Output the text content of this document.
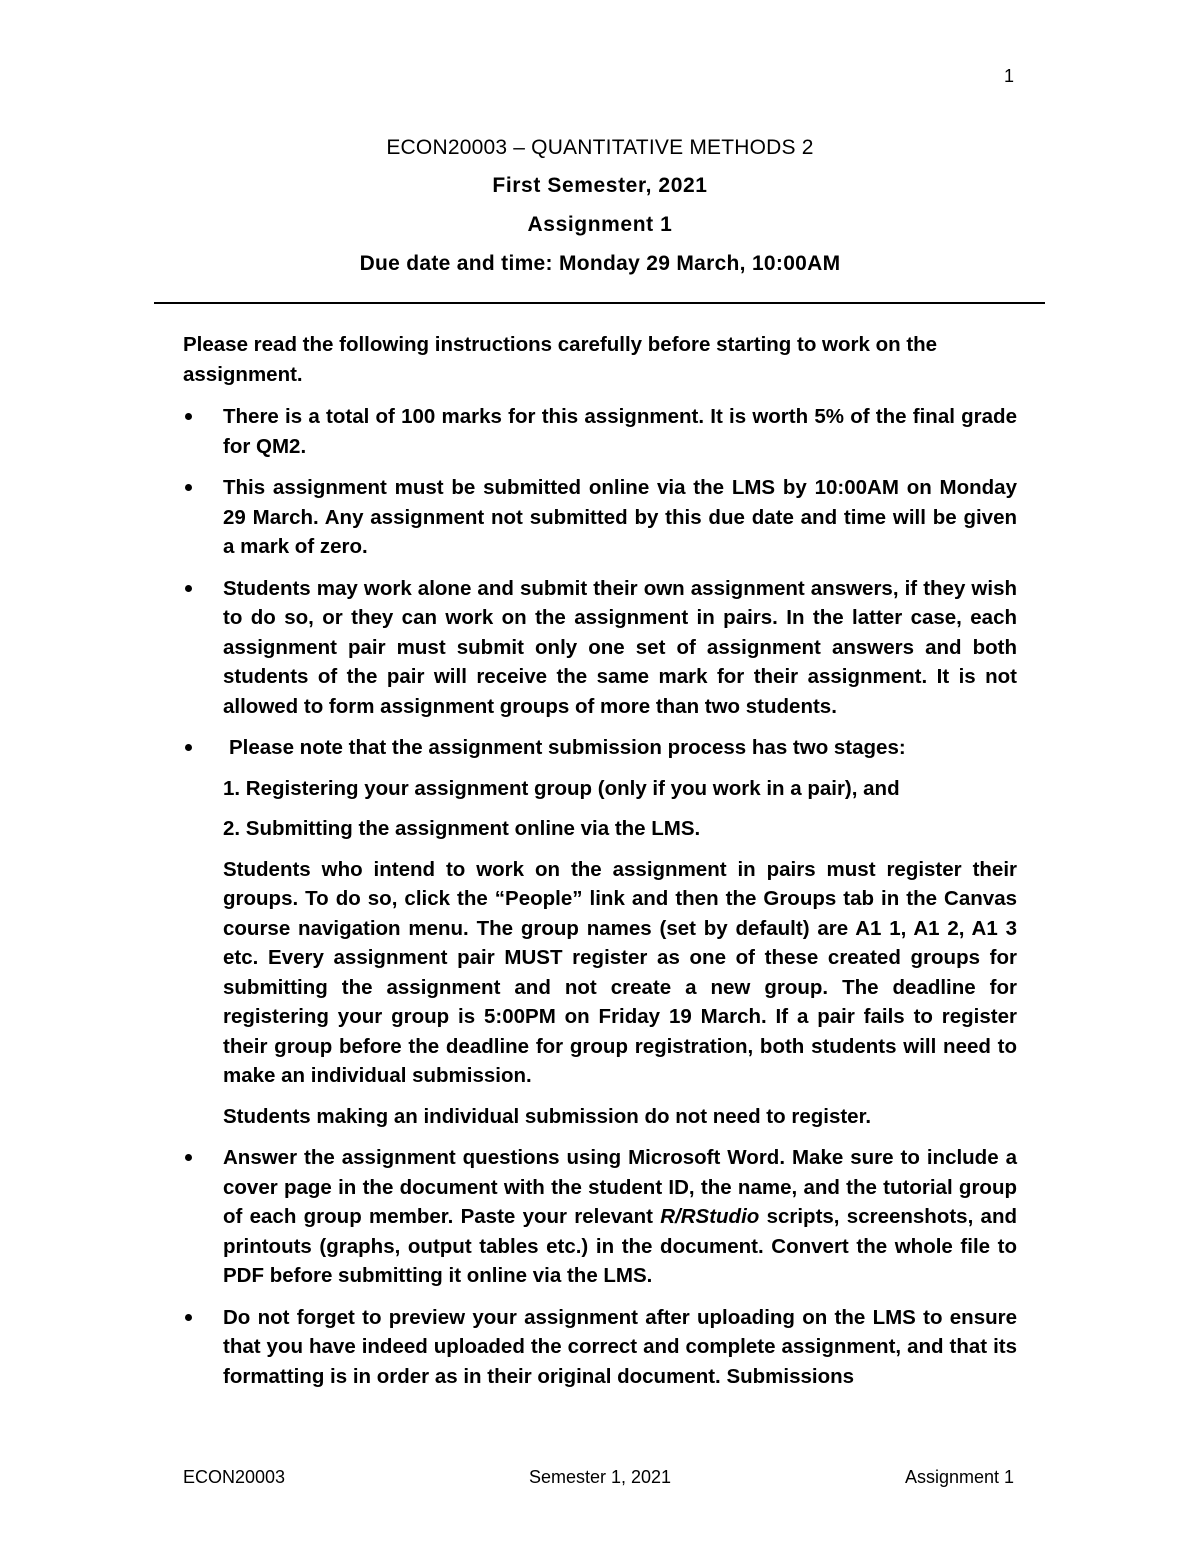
1
ECON20003 – QUANTITATIVE METHODS 2
First Semester, 2021
Assignment 1
Due date and time: Monday 29 March, 10:00AM

Please read the following instructions carefully before starting to work on the assignment.

There is a total of 100 marks for this assignment. It is worth 5% of the final grade for QM2.
This assignment must be submitted online via the LMS by 10:00AM on Monday 29 March. Any assignment not submitted by this due date and time will be given a mark of zero.
Students may work alone and submit their own assignment answers, if they wish to do so, or they can work on the assignment in pairs. In the latter case, each assignment pair must submit only one set of assignment answers and both students of the pair will receive the same mark for their assignment. It is not allowed to form assignment groups of more than two students.
Please note that the assignment submission process has two stages:
1. Registering your assignment group (only if you work in a pair), and
2. Submitting the assignment online via the LMS.
Students who intend to work on the assignment in pairs must register their groups. To do so, click the “People” link and then the Groups tab in the Canvas course navigation menu. The group names (set by default) are A1 1, A1 2, A1 3 etc. Every assignment pair MUST register as one of these created groups for submitting the assignment and not create a new group. The deadline for registering your group is 5:00PM on Friday 19 March. If a pair fails to register their group before the deadline for group registration, both students will need to make an individual submission.
Students making an individual submission do not need to register.
Answer the assignment questions using Microsoft Word. Make sure to include a cover page in the document with the student ID, the name, and the tutorial group of each group member. Paste your relevant R/RStudio scripts, screenshots, and printouts (graphs, output tables etc.) in the document. Convert the whole file to PDF before submitting it online via the LMS.
Do not forget to preview your assignment after uploading on the LMS to ensure that you have indeed uploaded the correct and complete assignment, and that its formatting is in order as in their original document. Submissions
ECON20003	Semester 1, 2021	Assignment 1
